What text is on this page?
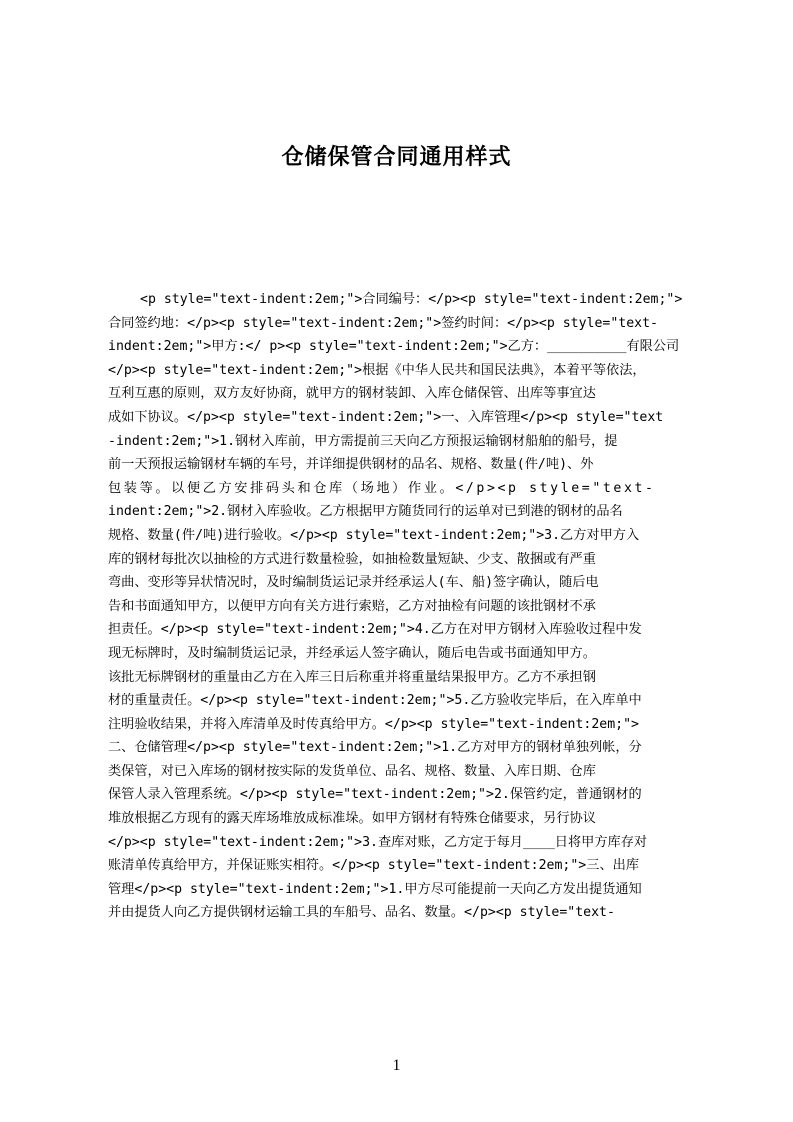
仓储保管合同通用样式
<p style="text-indent:2em;">合同编号：</p><p style="text-indent:2em;">
合同签约地：</p><p style="text-indent:2em;">签约时间：</p><p style="text-
indent:2em;">甲方:</ p><p style="text-indent:2em;">乙方：__________有限公司
</p><p style="text-indent:2em;">根据《中华人民共和国民法典》，本着平等依法，
互利互惠的原则，双方友好协商，就甲方的钢材装卸、入库仓储保管、出库等事宜达
成如下协议。</p><p style="text-indent:2em;">一、入库管理</p><p style="text
-indent:2em;">1.钢材入库前，甲方需提前三天向乙方预报运输钢材船舶的船号，提
前一天预报运输钢材车辆的车号，并详细提供钢材的品名、规格、数量(件/吨)、外
包装等。以便乙方安排码头和仓库（场地）作业。</p><p style="text-
indent:2em;">2.钢材入库验收。乙方根据甲方随货同行的运单对已到港的钢材的品名
规格、数量(件/吨)进行验收。</p><p style="text-indent:2em;">3.乙方对甲方入
库的钢材每批次以抽检的方式进行数量检验，如抽检数量短缺、少支、散捆或有严重
弯曲、变形等异状情况时，及时编制货运记录并经承运人(车、船)签字确认，随后电
告和书面通知甲方，以便甲方向有关方进行索赔，乙方对抽检有问题的该批钢材不承
担责任。</p><p style="text-indent:2em;">4.乙方在对甲方钢材入库验收过程中发
现无标牌时，及时编制货运记录，并经承运人签字确认，随后电告或书面通知甲方。
该批无标牌钢材的重量由乙方在入库三日后称重并将重量结果报甲方。乙方不承担钢
材的重量责任。</p><p style="text-indent:2em;">5.乙方验收完毕后，在入库单中
注明验收结果，并将入库清单及时传真给甲方。</p><p style="text-indent:2em;">
二、仓储管理</p><p style="text-indent:2em;">1.乙方对甲方的钢材单独列帐，分
类保管，对已入库场的钢材按实际的发货单位、品名、规格、数量、入库日期、仓库
保管人录入管理系统。</p><p style="text-indent:2em;">2.保管约定，普通钢材的
堆放根据乙方现有的露天库场堆放成标准垛。如甲方钢材有特殊仓储要求，另行协议
</p><p style="text-indent:2em;">3.查库对账，乙方定于每月____日将甲方库存对
账清单传真给甲方，并保证账实相符。</p><p style="text-indent:2em;">三、出库
管理</p><p style="text-indent:2em;">1.甲方尽可能提前一天向乙方发出提货通知
并由提货人向乙方提供钢材运输工具的车船号、品名、数量。</p><p style="text-
1
